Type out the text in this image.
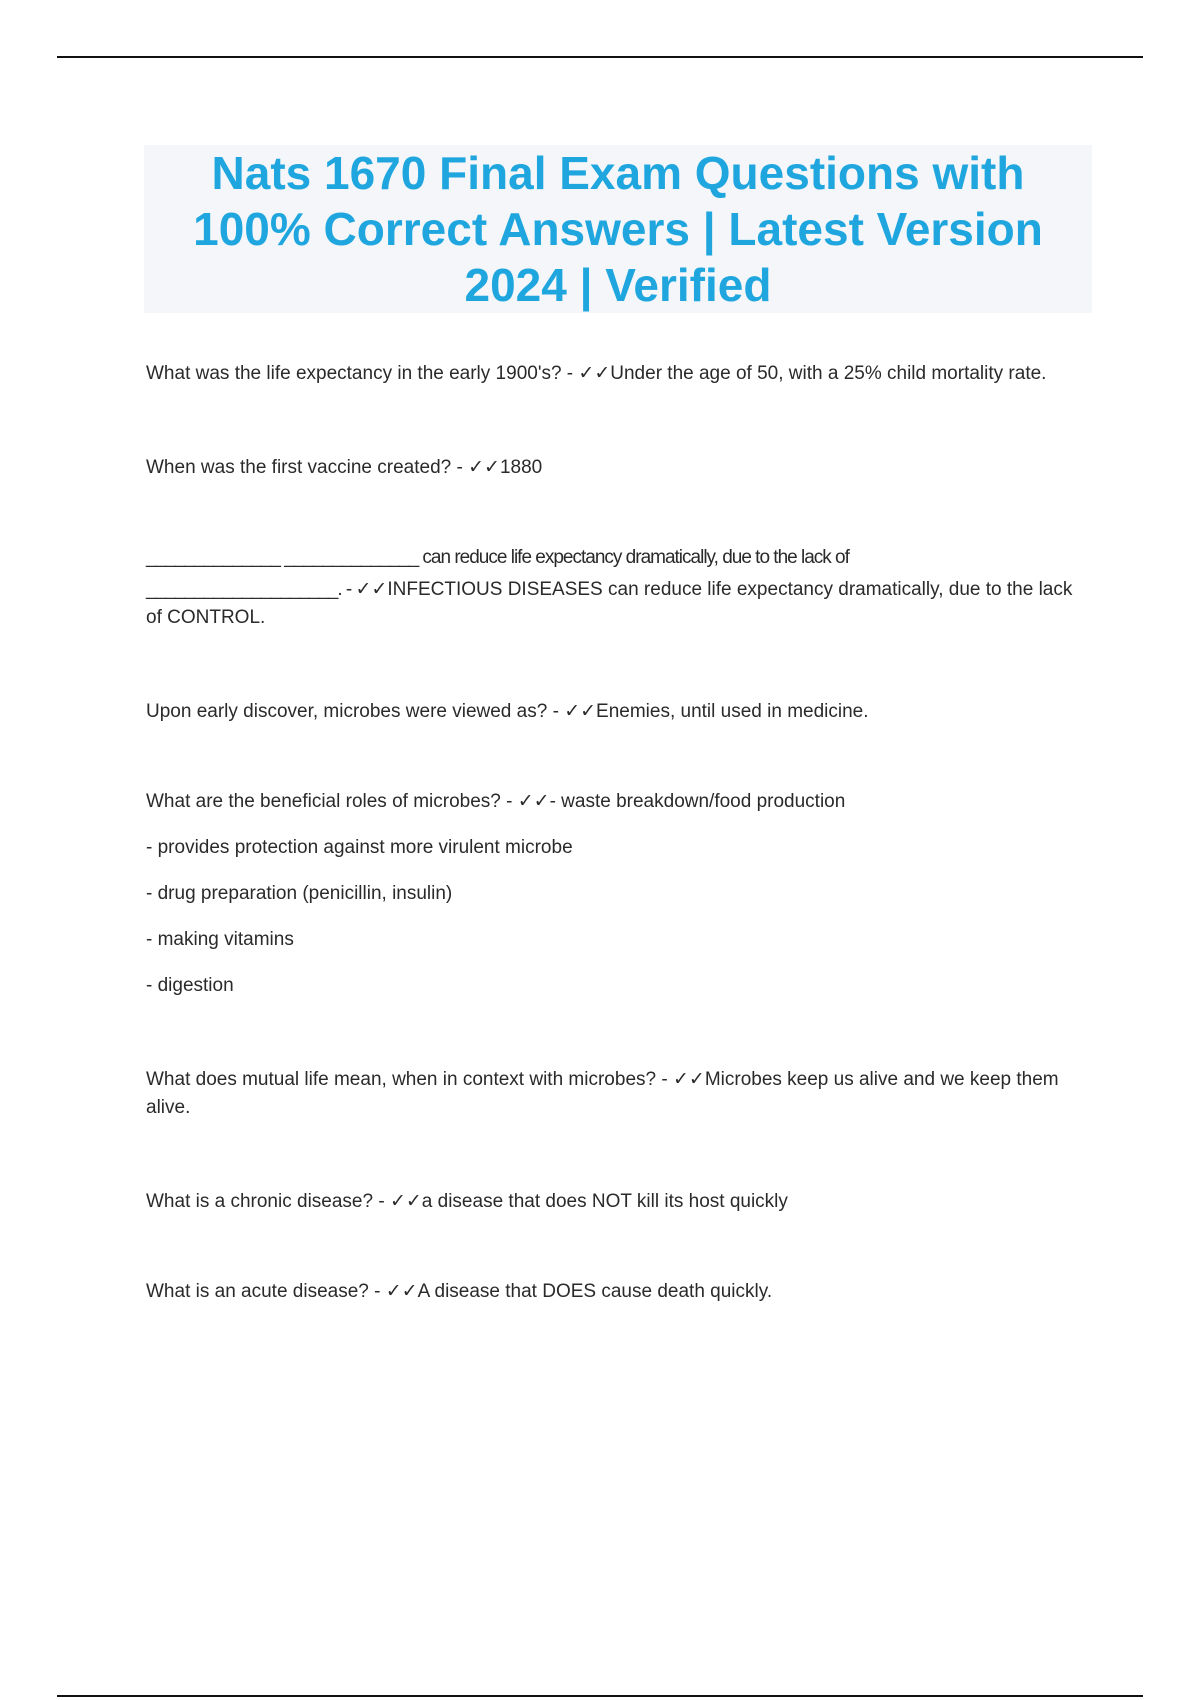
Nats 1670 Final Exam Questions with
100% Correct Answers | Latest Version
2024 | Verified

What was the life expectancy in the early 1900's? - ✓✓Under the age of 50, with a 25% child mortality rate.

When was the first vaccine created? - ✓✓1880

______________ ______________ can reduce life expectancy dramatically, due to the lack of
____________________. - ✓✓INFECTIOUS DISEASES can reduce life expectancy dramatically, due to the lack of CONTROL.

Upon early discover, microbes were viewed as? - ✓✓Enemies, until used in medicine.

What are the beneficial roles of microbes? - ✓✓- waste breakdown/food production
- provides protection against more virulent microbe
- drug preparation (penicillin, insulin)
- making vitamins
- digestion

What does mutual life mean, when in context with microbes? - ✓✓Microbes keep us alive and we keep them alive.

What is a chronic disease? - ✓✓a disease that does NOT kill its host quickly

What is an acute disease? - ✓✓A disease that DOES cause death quickly.
